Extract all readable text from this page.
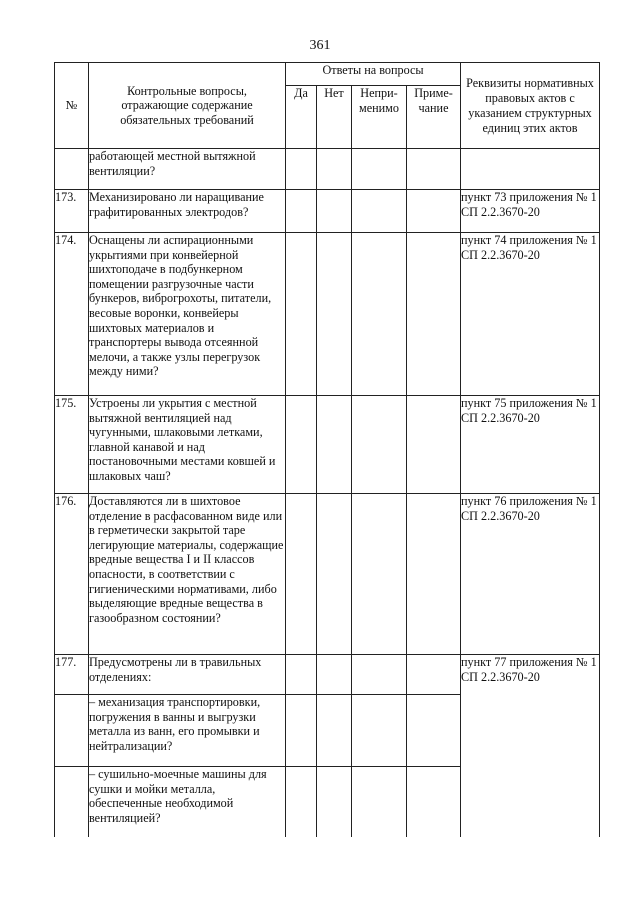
361
№	Контрольные вопросы, отражающие содержание обязательных требований	Ответы на вопросы				Реквизиты нормативных правовых актов с указанием структурных единиц этих актов
		Да	Нет	Непри-менимо	Приме-чание	
	работающей местной вытяжной вентиляции?					
173.	Механизировано ли наращивание графитированных электродов?					пункт 73 приложения № 1 СП 2.2.3670-20
174.	Оснащены ли аспирационными укрытиями при конвейерной шихтоподаче в подбункерном помещении разгрузочные части бункеров, виброгрохоты, питатели, весовые воронки, конвейеры шихтовых материалов и транспортеры вывода отсеянной мелочи, а также узлы перегрузок между ними?					пункт 74 приложения № 1 СП 2.2.3670-20
175.	Устроены ли укрытия с местной вытяжной вентиляцией над чугунными, шлаковыми летками, главной канавой и над постановочными местами ковшей и шлаковых чаш?					пункт 75 приложения № 1 СП 2.2.3670-20
176.	Доставляются ли в шихтовое отделение в расфасованном виде или в герметически закрытой таре легирующие материалы, содержащие вредные вещества I и II классов опасности, в соответствии с гигиеническими нормативами, либо выделяющие вредные вещества в газообразном состоянии?					пункт 76 приложения № 1 СП 2.2.3670-20
177.	Предусмотрены ли в травильных отделениях:					пункт 77 приложения № 1 СП 2.2.3670-20
	– механизация транспортировки, погружения в ванны и выгрузки металла из ванн, его промывки и нейтрализации?					
	– сушильно-моечные машины для сушки и мойки металла, обеспеченные необходимой вентиляцией?					
